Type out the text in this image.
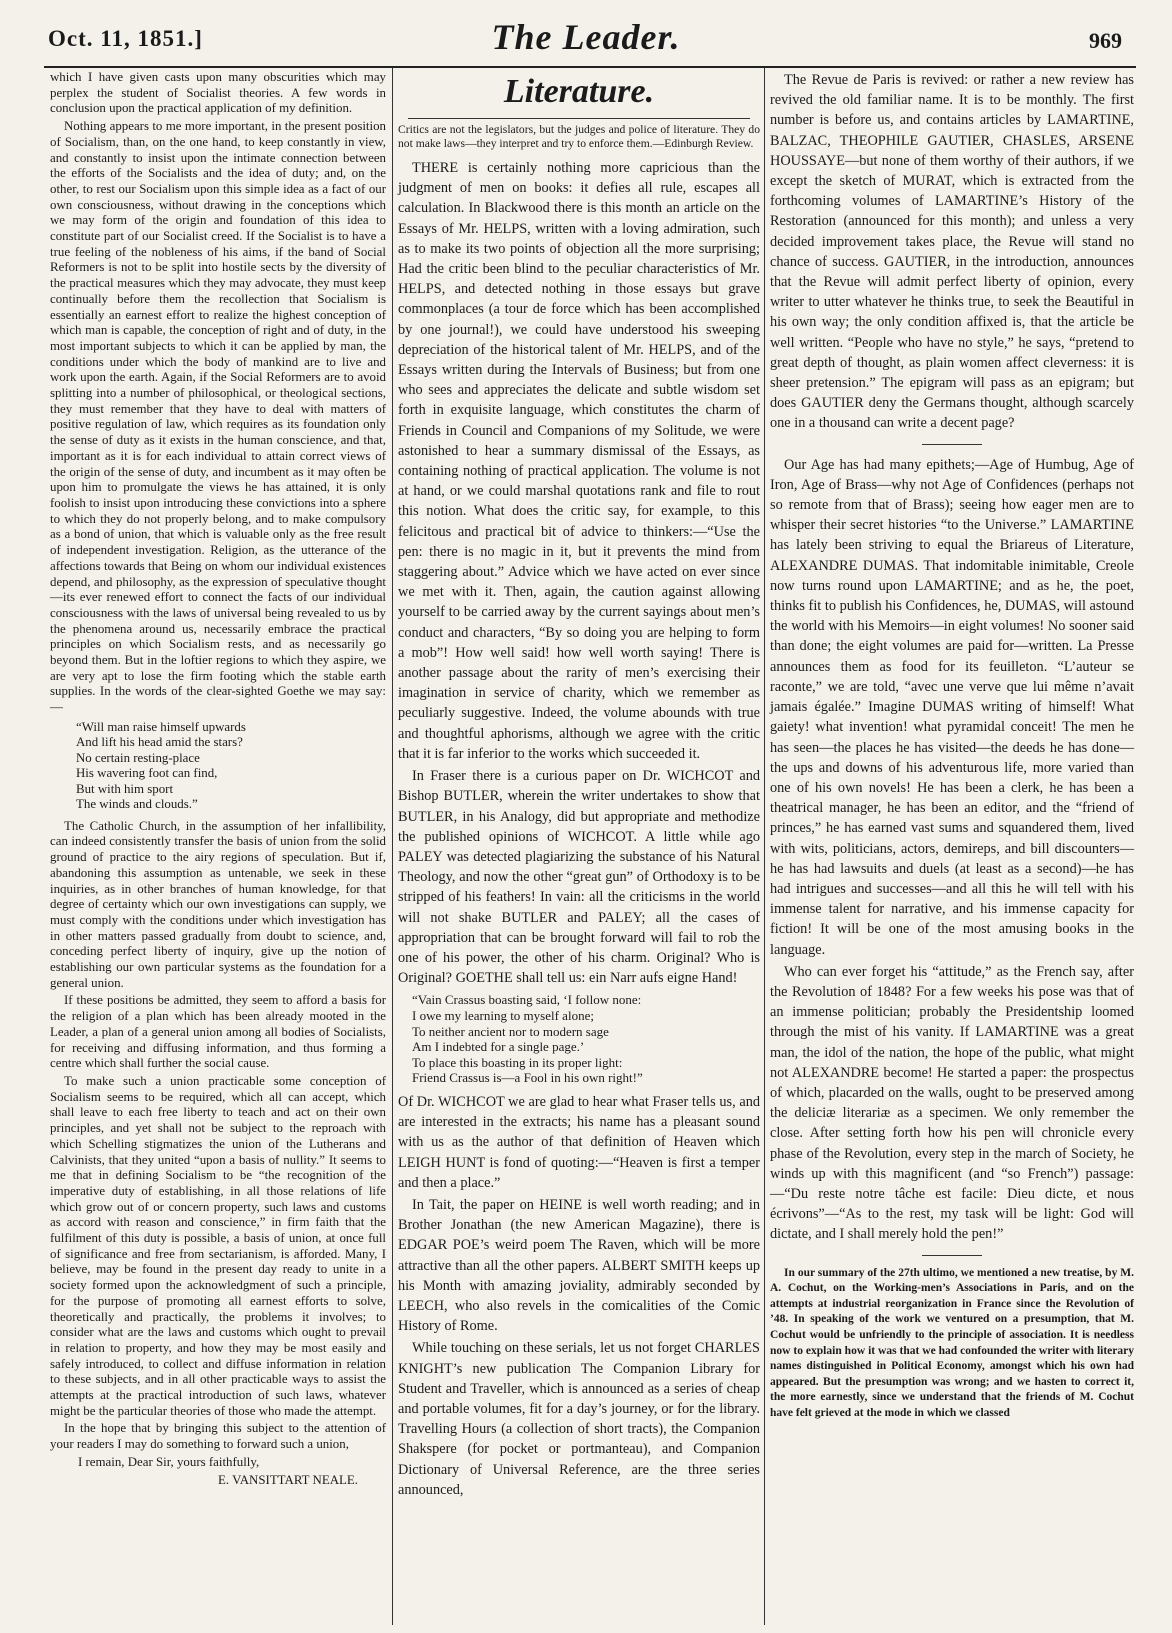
Oct. 11, 1851.]	The Leader.	969

which I have given casts upon many obscurities which may perplex the student of Socialist theories. A few words in conclusion upon the practical application of my definition.

Nothing appears to me more important, in the present position of Socialism, than, on the one hand, to keep constantly in view, and constantly to insist upon the intimate connection between the efforts of the Socialists and the idea of duty; and, on the other, to rest our Socialism upon this simple idea as a fact of our own consciousness, without drawing in the conceptions which we may form of the origin and foundation of this idea to constitute part of our Socialist creed. If the Socialist is to have a true feeling of the nobleness of his aims, if the band of Social Reformers is not to be split into hostile sects by the diversity of the practical measures which they may advocate, they must keep continually before them the recollection that Socialism is essentially an earnest effort to realize the highest conception of which man is capable, the conception of right and of duty, in the most important subjects to which it can be applied by man, the conditions under which the body of mankind are to live and work upon the earth. Again, if the Social Reformers are to avoid splitting into a number of philosophical, or theological sections, they must remember that they have to deal with matters of positive regulation of law, which requires as its foundation only the sense of duty as it exists in the human conscience, and that, important as it is for each individual to attain correct views of the origin of the sense of duty, and incumbent as it may often be upon him to promulgate the views he has attained, it is only foolish to insist upon introducing these convictions into a sphere to which they do not properly belong, and to make compulsory as a bond of union, that which is valuable only as the free result of independent investigation. Religion, as the utterance of the affections towards that Being on whom our individual existences depend, and philosophy, as the expression of speculative thought—its ever renewed effort to connect the facts of our individual consciousness with the laws of universal being revealed to us by the phenomena around us, necessarily embrace the practical principles on which Socialism rests, and as necessarily go beyond them. But in the loftier regions to which they aspire, we are very apt to lose the firm footing which the stable earth supplies. In the words of the clear-sighted Goethe we may say:—

“Will man raise himself upwards
And lift his head amid the stars?
No certain resting-place
His wavering foot can find,
But with him sport
The winds and clouds.”

The Catholic Church, in the assumption of her infallibility, can indeed consistently transfer the basis of union from the solid ground of practice to the airy regions of speculation. But if, abandoning this assumption as untenable, we seek in these inquiries, as in other branches of human knowledge, for that degree of certainty which our own investigations can supply, we must comply with the conditions under which investigation has in other matters passed gradually from doubt to science, and, conceding perfect liberty of inquiry, give up the notion of establishing our own particular systems as the foundation for a general union.

If these positions be admitted, they seem to afford a basis for the religion of a plan which has been already mooted in the Leader, a plan of a general union among all bodies of Socialists, for receiving and diffusing information, and thus forming a centre which shall further the social cause.

To make such a union practicable some conception of Socialism seems to be required, which all can accept, which shall leave to each free liberty to teach and act on their own principles, and yet shall not be subject to the reproach with which Schelling stigmatizes the union of the Lutherans and Calvinists, that they united “upon a basis of nullity.” It seems to me that in defining Socialism to be “the recognition of the imperative duty of establishing, in all those relations of life which grow out of or concern property, such laws and customs as accord with reason and conscience,” in firm faith that the fulfilment of this duty is possible, a basis of union, at once full of significance and free from sectarianism, is afforded. Many, I believe, may be found in the present day ready to unite in a society formed upon the acknowledgment of such a principle, for the purpose of promoting all earnest efforts to solve, theoretically and practically, the problems it involves; to consider what are the laws and customs which ought to prevail in relation to property, and how they may be most easily and safely introduced, to collect and diffuse information in relation to these subjects, and in all other practicable ways to assist the attempts at the practical introduction of such laws, whatever might be the particular theories of those who made the attempt.

In the hope that by bringing this subject to the attention of your readers I may do something to forward such a union,

I remain, Dear Sir, yours faithfully,

E. VANSITTART NEALE.

Literature.
Critics are not the legislators, but the judges and police of literature. They do not make laws—they interpret and try to enforce them.—Edinburgh Review.

THERE is certainly nothing more capricious than the judgment of men on books: it defies all rule, escapes all calculation. In Blackwood there is this month an article on the Essays of Mr. HELPS, written with a loving admiration, such as to make its two points of objection all the more surprising; Had the critic been blind to the peculiar characteristics of Mr. HELPS, and detected nothing in those essays but grave commonplaces (a tour de force which has been accomplished by one journal!), we could have understood his sweeping depreciation of the historical talent of Mr. HELPS, and of the Essays written during the Intervals of Business; but from one who sees and appreciates the delicate and subtle wisdom set forth in exquisite language, which constitutes the charm of Friends in Council and Companions of my Solitude, we were astonished to hear a summary dismissal of the Essays, as containing nothing of practical application. The volume is not at hand, or we could marshal quotations rank and file to rout this notion. What does the critic say, for example, to this felicitous and practical bit of advice to thinkers:—“Use the pen: there is no magic in it, but it prevents the mind from staggering about.” Advice which we have acted on ever since we met with it. Then, again, the caution against allowing yourself to be carried away by the current sayings about men’s conduct and characters, “By so doing you are helping to form a mob”! How well said! how well worth saying! There is another passage about the rarity of men’s exercising their imagination in service of charity, which we remember as peculiarly suggestive. Indeed, the volume abounds with true and thoughtful aphorisms, although we agree with the critic that it is far inferior to the works which succeeded it.

In Fraser there is a curious paper on Dr. WICHCOT and Bishop BUTLER, wherein the writer undertakes to show that BUTLER, in his Analogy, did but appropriate and methodize the published opinions of WICHCOT. A little while ago PALEY was detected plagiarizing the substance of his Natural Theology, and now the other “great gun” of Orthodoxy is to be stripped of his feathers! In vain: all the criticisms in the world will not shake BUTLER and PALEY; all the cases of appropriation that can be brought forward will fail to rob the one of his power, the other of his charm. Original? Who is Original? GOETHE shall tell us: ein Narr aufs eigne Hand!

“Vain Crassus boasting said, ‘I follow none:
I owe my learning to myself alone;
To neither ancient nor to modern sage
Am I indebted for a single page.’
To place this boasting in its proper light:
Friend Crassus is—a Fool in his own right!”

Of Dr. WICHCOT we are glad to hear what Fraser tells us, and are interested in the extracts; his name has a pleasant sound with us as the author of that definition of Heaven which LEIGH HUNT is fond of quoting:—“Heaven is first a temper and then a place.”

In Tait, the paper on HEINE is well worth reading; and in Brother Jonathan (the new American Magazine), there is EDGAR POE’s weird poem The Raven, which will be more attractive than all the other papers. ALBERT SMITH keeps up his Month with amazing joviality, admirably seconded by LEECH, who also revels in the comicalities of the Comic History of Rome.

While touching on these serials, let us not forget CHARLES KNIGHT’s new publication The Companion Library for Student and Traveller, which is announced as a series of cheap and portable volumes, fit for a day’s journey, or for the library. Travelling Hours (a collection of short tracts), the Companion Shakspere (for pocket or portmanteau), and Companion Dictionary of Universal Reference, are the three series announced,

The Revue de Paris is revived: or rather a new review has revived the old familiar name. It is to be monthly. The first number is before us, and contains articles by LAMARTINE, BALZAC, THEOPHILE GAUTIER, CHASLES, ARSENE HOUSSAYE—but none of them worthy of their authors, if we except the sketch of MURAT, which is extracted from the forthcoming volumes of LAMARTINE’s History of the Restoration (announced for this month); and unless a very decided improvement takes place, the Revue will stand no chance of success. GAUTIER, in the introduction, announces that the Revue will admit perfect liberty of opinion, every writer to utter whatever he thinks true, to seek the Beautiful in his own way; the only condition affixed is, that the article be well written. “People who have no style,” he says, “pretend to great depth of thought, as plain women affect cleverness: it is sheer pretension.” The epigram will pass as an epigram; but does GAUTIER deny the Germans thought, although scarcely one in a thousand can write a decent page?

Our Age has had many epithets;—Age of Humbug, Age of Iron, Age of Brass—why not Age of Confidences (perhaps not so remote from that of Brass); seeing how eager men are to whisper their secret histories “to the Universe.” LAMARTINE has lately been striving to equal the Briareus of Literature, ALEXANDRE DUMAS. That indomitable inimitable, Creole now turns round upon LAMARTINE; and as he, the poet, thinks fit to publish his Confidences, he, DUMAS, will astound the world with his Memoirs—in eight volumes! No sooner said than done; the eight volumes are paid for—written. La Presse announces them as food for its feuilleton. “L’auteur se raconte,” we are told, “avec une verve que lui même n’avait jamais égalée.” Imagine DUMAS writing of himself! What gaiety! what invention! what pyramidal conceit! The men he has seen—the places he has visited—the deeds he has done—the ups and downs of his adventurous life, more varied than one of his own novels! He has been a clerk, he has been a theatrical manager, he has been an editor, and the “friend of princes,” he has earned vast sums and squandered them, lived with wits, politicians, actors, demireps, and bill discounters—he has had lawsuits and duels (at least as a second)—he has had intrigues and successes—and all this he will tell with his immense talent for narrative, and his immense capacity for fiction! It will be one of the most amusing books in the language.

Who can ever forget his “attitude,” as the French say, after the Revolution of 1848? For a few weeks his pose was that of an immense politician; probably the Presidentship loomed through the mist of his vanity. If LAMARTINE was a great man, the idol of the nation, the hope of the public, what might not ALEXANDRE become! He started a paper: the prospectus of which, placarded on the walls, ought to be preserved among the deliciæ literariæ as a specimen. We only remember the close. After setting forth how his pen will chronicle every phase of the Revolution, every step in the march of Society, he winds up with this magnificent (and “so French”) passage:—“Du reste notre tâche est facile: Dieu dicte, et nous écrivons”—“As to the rest, my task will be light: God will dictate, and I shall merely hold the pen!”

In our summary of the 27th ultimo, we mentioned a new treatise, by M. A. Cochut, on the Working-men’s Associations in Paris, and on the attempts at industrial reorganization in France since the Revolution of ’48. In speaking of the work we ventured on a presumption, that M. Cochut would be unfriendly to the principle of association. It is needless now to explain how it was that we had confounded the writer with literary names distinguished in Political Economy, amongst which his own had appeared. But the presumption was wrong; and we hasten to correct it, the more earnestly, since we understand that the friends of M. Cochut have felt grieved at the mode in which we classed
